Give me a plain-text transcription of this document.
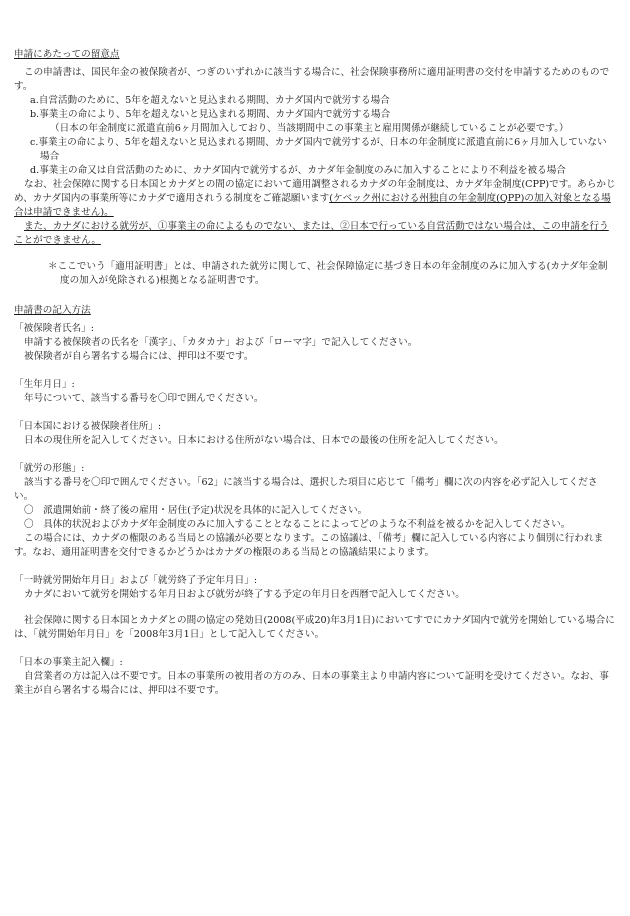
申請にあたっての留意点

この申請書は、国民年金の被保険者が、つぎのいずれかに該当する場合に、社会保険事務所に適用証明書の交付を申請するためのものです。

a.自営活動のために、5年を超えないと見込まれる期間、カナダ国内で就労する場合

b.事業主の命により、5年を超えないと見込まれる期間、カナダ国内で就労する場合

（日本の年金制度に派遣直前6ヶ月間加入しており、当該期間中この事業主と雇用関係が継続していることが必要です。）

c.事業主の命により、5年を超えないと見込まれる期間、カナダ国内で就労するが、日本の年金制度に派遣直前に6ヶ月加入していない場合

d.事業主の命又は自営活動のために、カナダ国内で就労するが、カナダ年金制度のみに加入することにより不利益を被る場合

なお、社会保障に関する日本国とカナダとの間の協定において適用調整されるカナダの年金制度は、カナダ年金制度(CPP)です。あらかじめ、カナダ国内の事業所等にカナダで適用されうる制度をご確認願います(ケベック州における州独自の年金制度(QPP)の加入対象となる場合は申請できません)。

また、カナダにおける就労が、①事業主の命によるものでない、または、②日本で行っている自営活動ではない場合は、この申請を行うことができません。

＊ここでいう「適用証明書」とは、申請された就労に関して、社会保障協定に基づき日本の年金制度のみに加入する(カナダ年金制度の加入が免除される)根拠となる証明書です。

申請書の記入方法

「被保険者氏名」:

申請する被保険者の氏名を「漢字」、「カタカナ」および「ローマ字」で記入してください。

被保険者が自ら署名する場合には、押印は不要です。

「生年月日」:

年号について、該当する番号を〇印で囲んでください。

「日本国における被保険者住所」:

日本の現住所を記入してください。日本における住所がない場合は、日本での最後の住所を記入してください。

「就労の形態」:

該当する番号を〇印で囲んでください。「62」に該当する場合は、選択した項目に応じて「備考」欄に次の内容を必ず記入してください。

〇　 派遣開始前・終了後の雇用・居住(予定)状況を具体的に記入してください。

〇　 具体的状況およびカナダ年金制度のみに加入することとなることによってどのような不利益を被るかを記入してください。

この場合には、カナダの権限のある当局との協議が必要となります。この協議は、「備考」欄に記入している内容により個別に行われます。なお、適用証明書を交付できるかどうかはカナダの権限のある当局との協議結果によります。

「一時就労開始年月日」および「就労終了予定年月日」:

カナダにおいて就労を開始する年月日および就労が終了する予定の年月日を西暦で記入してください。

社会保障に関する日本国とカナダとの間の協定の発効日(2008(平成20)年3月1日)においてすでにカナダ国内で就労を開始している場合には、「就労開始年月日」を「2008年3月1日」として記入してください。

「日本の事業主記入欄」:

自営業者の方は記入は不要です。日本の事業所の被用者の方のみ、日本の事業主より申請内容について証明を受けてください。なお、事業主が自ら署名する場合には、押印は不要です。
